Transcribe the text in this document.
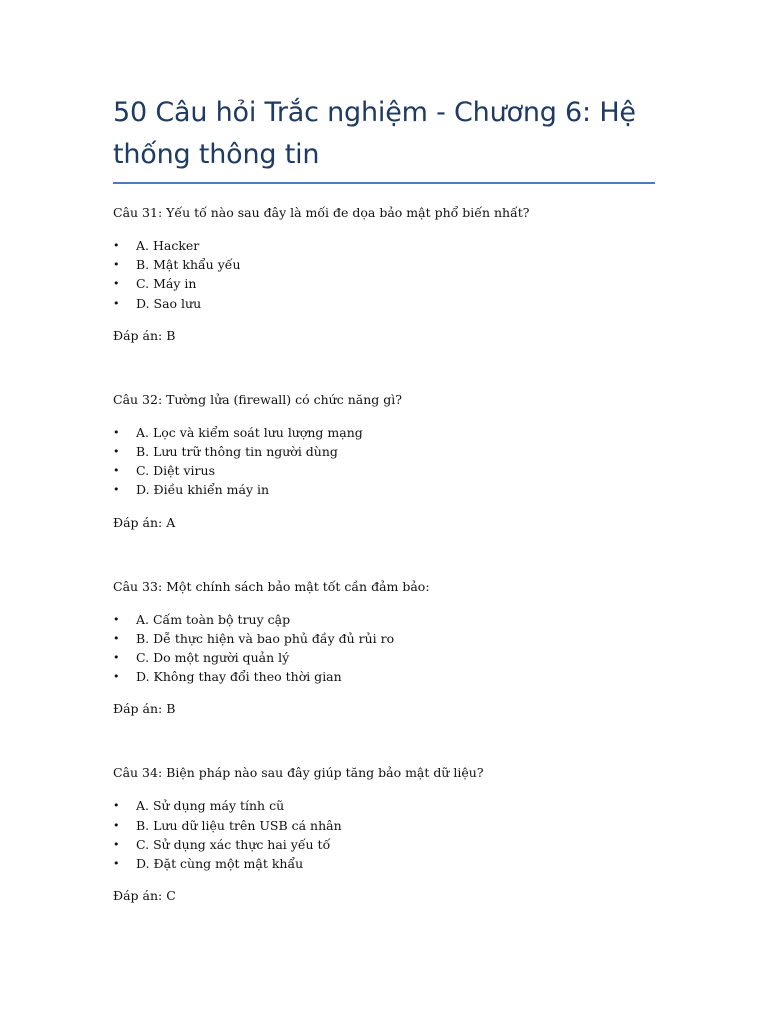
50 Câu hỏi Trắc nghiệm - Chương 6: Hệ
thống thông tin

Câu 31: Yếu tố nào sau đây là mối đe dọa bảo mật phổ biến nhất?

• A. Hacker
• B. Mật khẩu yếu
• C. Máy in
• D. Sao lưu

Đáp án: B

Câu 32: Tường lửa (firewall) có chức năng gì?

• A. Lọc và kiểm soát lưu lượng mạng
• B. Lưu trữ thông tin người dùng
• C. Diệt virus
• D. Điều khiển máy in

Đáp án: A

Câu 33: Một chính sách bảo mật tốt cần đảm bảo:

• A. Cấm toàn bộ truy cập
• B. Dễ thực hiện và bao phủ đầy đủ rủi ro
• C. Do một người quản lý
• D. Không thay đổi theo thời gian

Đáp án: B

Câu 34: Biện pháp nào sau đây giúp tăng bảo mật dữ liệu?

• A. Sử dụng máy tính cũ
• B. Lưu dữ liệu trên USB cá nhân
• C. Sử dụng xác thực hai yếu tố
• D. Đặt cùng một mật khẩu

Đáp án: C
